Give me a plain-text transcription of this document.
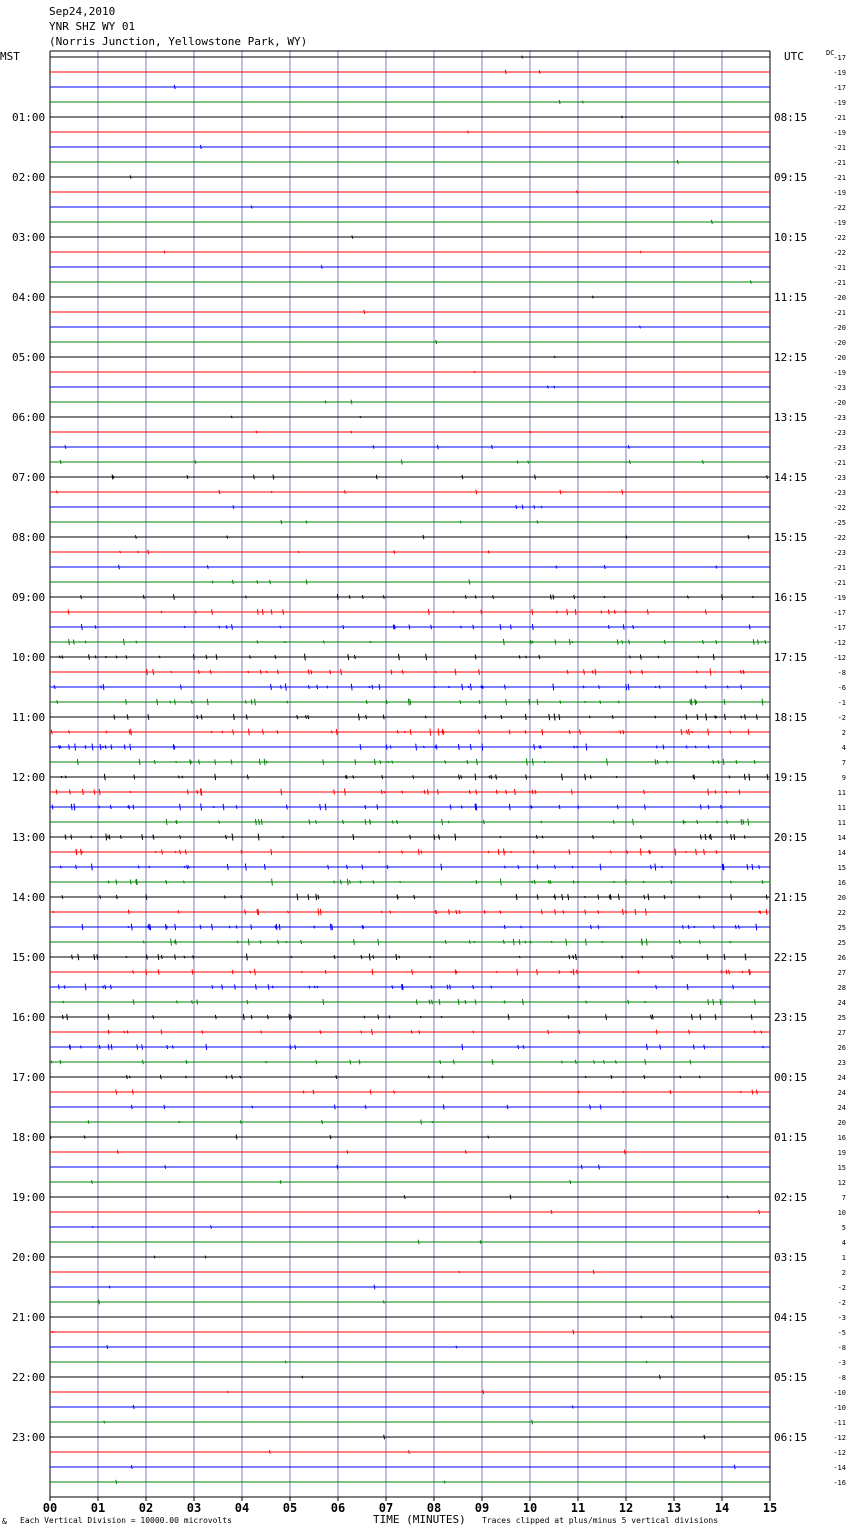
Sep24,2010
YNR SHZ WY 01
(Norris Junction, Yellowstone Park, WY)
MST	UTC	DC
01:00
02:00
03:00
04:00
05:00
06:00
07:00
08:00
09:00
10:00
11:00
12:00
13:00
14:00
15:00
16:00
17:00
18:00
19:00
20:00
21:00
22:00
23:00
08:15
09:15
10:15
11:15
12:15
13:15
14:15
15:15
16:15
17:15
18:15
19:15
20:15
21:15
22:15
23:15
00:15
01:15
02:15
03:15
04:15
05:15
06:15
-17
-19
-17
-19
-21
-19
-21
-21
-21
-19
-22
-19
-22
-22
-21
-21
-20
-21
-20
-20
-20
-19
-23
-20
-23
-23
-23
-21
-23
-23
-22
-25
-22
-23
-21
-21
-19
-17
-17
-12
-12
-8
-6
-1
-2
2
4
7
9
11
11
11
14
14
15
16
20
22
25
25
26
27
28
24
25
27
26
23
24
24
24
20
16
19
15
12
7
10
5
4
1
2
-2
-2
-3
-5
-8
-3
-8
-10
-10
-11
-12
-12
-14
-16
00	01	02	03	04	05	06	07	08	09	10	11	12	13	14	15
& Each Vertical Division = 10000.00 microvolts	TIME (MINUTES) Traces clipped at plus/minus 5 vertical divisions
